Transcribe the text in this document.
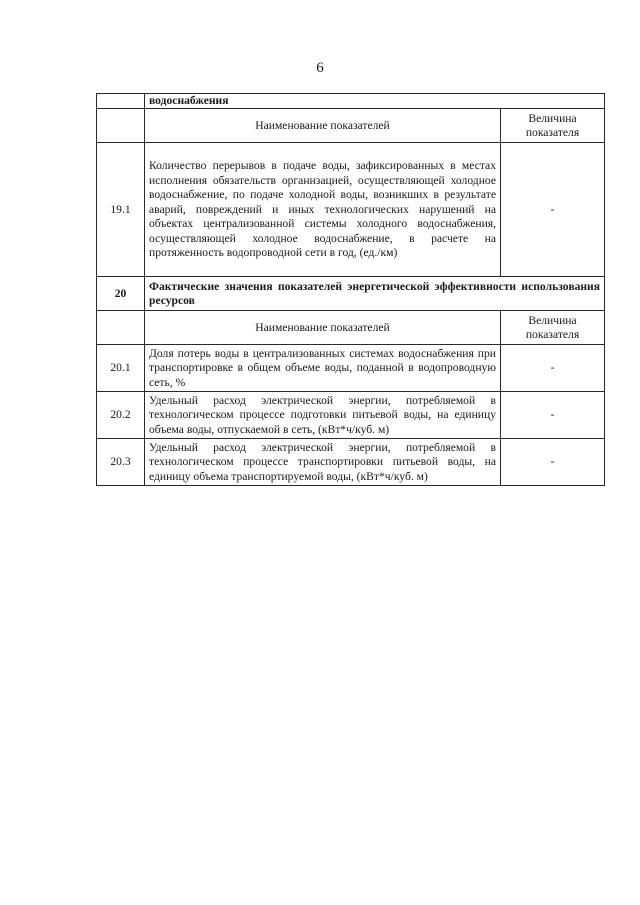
6
	водоснабжения	
	Наименование показателей	Величина показателя
19.1	Количество перерывов в подаче воды, зафиксированных в местах исполнения обязательств организацией, осуществляющей холодное водоснабжение, по подаче холодной воды, возникших в результате аварий, повреждений и иных технологических нарушений на объектах централизованной системы холодного водоснабжения, осуществляющей холодное водоснабжение, в расчете на протяженность водопроводной сети в год, (ед./км)	-
20	Фактические значения показателей энергетической эффективности использования ресурсов	
	Наименование показателей	Величина показателя
20.1	Доля потерь воды в централизованных системах водоснабжения при транспортировке в общем объеме воды, поданной в водопроводную сеть, %	-
20.2	Удельный расход электрической энергии, потребляемой в технологическом процессе подготовки питьевой воды, на единицу объема воды, отпускаемой в сеть, (кВт*ч/куб. м)	-
20.3	Удельный расход электрической энергии, потребляемой в технологическом процессе транспортировки питьевой воды, на единицу объема транспортируемой воды, (кВт*ч/куб. м)	-
